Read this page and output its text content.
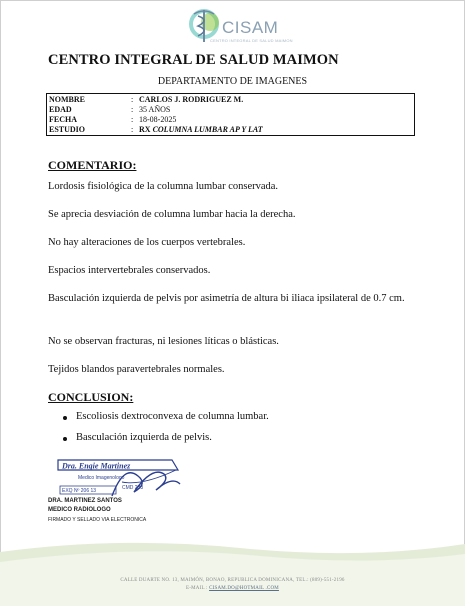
CISAM
CENTRO INTEGRAL DE SALUD MAIMON
CENTRO INTEGRAL DE SALUD MAIMON
DEPARTAMENTO DE IMAGENES
NOMBRE	: CARLOS J. RODRIGUEZ M.
EDAD	: 35 AÑOS
FECHA	: 18-08-2025
ESTUDIO	: RX COLUMNA LUMBAR AP Y LAT
COMENTARIO:
Lordosis fisiológica de la columna lumbar conservada.
Se aprecia desviación de columna lumbar hacia la derecha.
No hay alteraciones de los cuerpos vertebrales.
Espacios intervertebrales conservados.
Basculación izquierda de pelvis por asimetría de altura bi iliaca ipsilateral de 0.7 cm.
No se observan fracturas, ni lesiones líticas o blásticas.
Tejidos blandos paravertebrales normales.
CONCLUSION:
Escoliosis dextroconvexa de columna lumbar.
Basculación izquierda de pelvis.
Dra. Engie Martinez
Medico Imagenologo
EXQ Nº 206 13	CMD 233
DRA. MARTINEZ SANTOS
MEDICO RADIOLOGO
FIRMADO Y SELLADO VIA ELECTRONICA
CALLE DUARTE NO. 13, MAIMÓN, BONAO, REPUBLICA DOMINICANA, TEL.: (809)-551-2196
E-MAIL : CISAM.DO@HOTMAIL .COM
